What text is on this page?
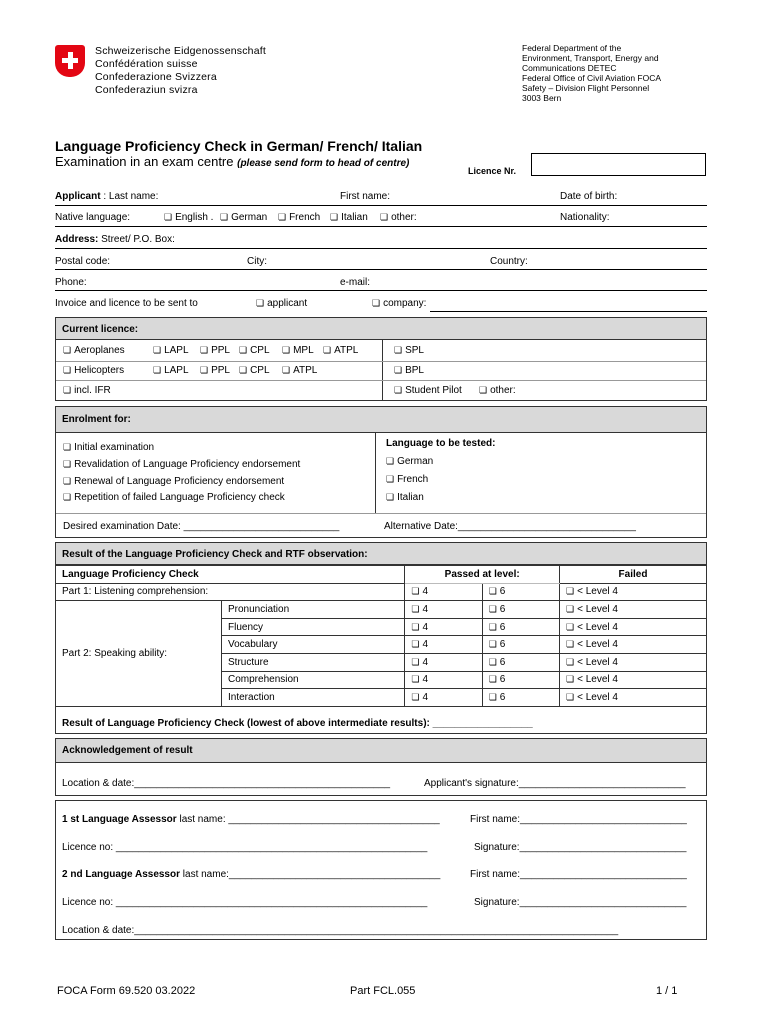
Schweizerische Eidgenossenschaft
Confédération suisse
Confederazione Svizzera
Confederaziun svizra
Federal Department of the
Environment, Transport, Energy and
Communications DETEC
Federal Office of Civil Aviation FOCA
Safety – Division Flight Personnel
3003 Bern
Language Proficiency Check in German/ French/ Italian
Examination in an exam centre (please send form to head of centre)
Licence Nr.
Applicant : Last name:	First name:	Date of birth:
Native language:	❏ English .	❏ German	❏ French	❏ Italian	❏ other:	Nationality:
Address: Street/ P.O. Box:
Postal code:	City:	Country:
Phone:	e-mail:
Invoice and licence to be sent to	❏ applicant	❏ company:
Current licence:
❏ Aeroplanes	❏ LAPL	❏ PPL	❏ CPL	❏ MPL	❏ ATPL	❏ SPL
❏ Helicopters	❏ LAPL	❏ PPL	❏ CPL	❏ ATPL	❏ BPL
❏ incl. IFR	❏ Student Pilot	❏ other:
Enrolment for:
❏ Initial examination
❏ Revalidation of Language Proficiency endorsement
❏ Renewal of Language Proficiency endorsement
❏ Repetition of failed Language Proficiency check
Language to be tested:
❏ German
❏ French
❏ Italian
Desired examination Date: ____________________________	Alternative Date:________________________________
Result of the Language Proficiency Check and RTF observation:
Language Proficiency Check		Passed at level:		Failed
Part 1: Listening comprehension:		❏ 4	❏ 6	❏ < Level 4
Part 2: Speaking ability:	Pronunciation	❏ 4	❏ 6	❏ < Level 4
	Fluency	❏ 4	❏ 6	❏ < Level 4
	Vocabulary	❏ 4	❏ 6	❏ < Level 4
	Structure	❏ 4	❏ 6	❏ < Level 4
	Comprehension	❏ 4	❏ 6	❏ < Level 4
	Interaction	❏ 4	❏ 6	❏ < Level 4
Result of Language Proficiency Check (lowest of above intermediate results): __________________
Acknowledgement of result
Location & date:______________________________________________	Applicant's signature:______________________________
1 st Language Assessor last name: ______________________________________	First name:______________________________
Licence no: ________________________________________________________	Signature:______________________________
2 nd Language Assessor last name:______________________________________	First name:______________________________
Licence no: ________________________________________________________	Signature:______________________________
Location & date:_______________________________________________________________________________________
FOCA Form 69.520 03.2022	Part FCL.055	1 / 1
